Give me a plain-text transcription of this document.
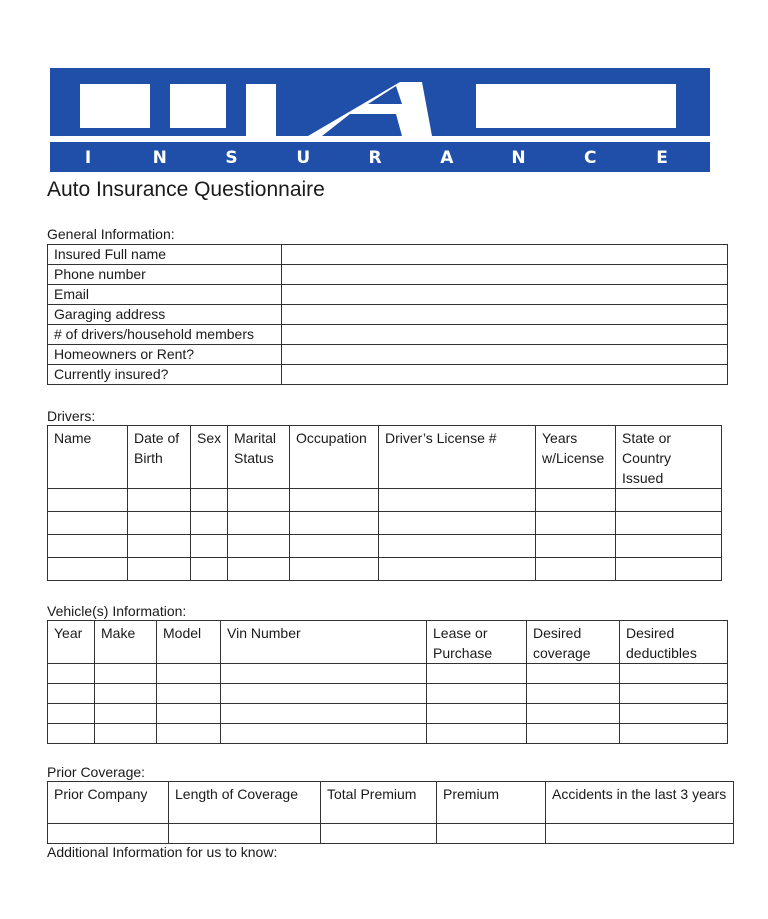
I	N	S	U	R	A	N	C	E
Auto Insurance Questionnaire
General Information:
Insured Full name	
Phone number	
Email	
Garaging address	
# of drivers/household members	
Homeowners or Rent?	
Currently insured?	
Drivers:
Name	Date of Birth	Sex	Marital Status	Occupation	Driver’s License #	Years w/License	State or Country Issued

Vehicle(s) Information:
Year	Make	Model	Vin Number	Lease or Purchase	Desired coverage	Desired deductibles

Prior Coverage:
Prior Company	Length of Coverage	Total Premium	Premium	Accidents in the last 3 years

Additional Information for us to know:
